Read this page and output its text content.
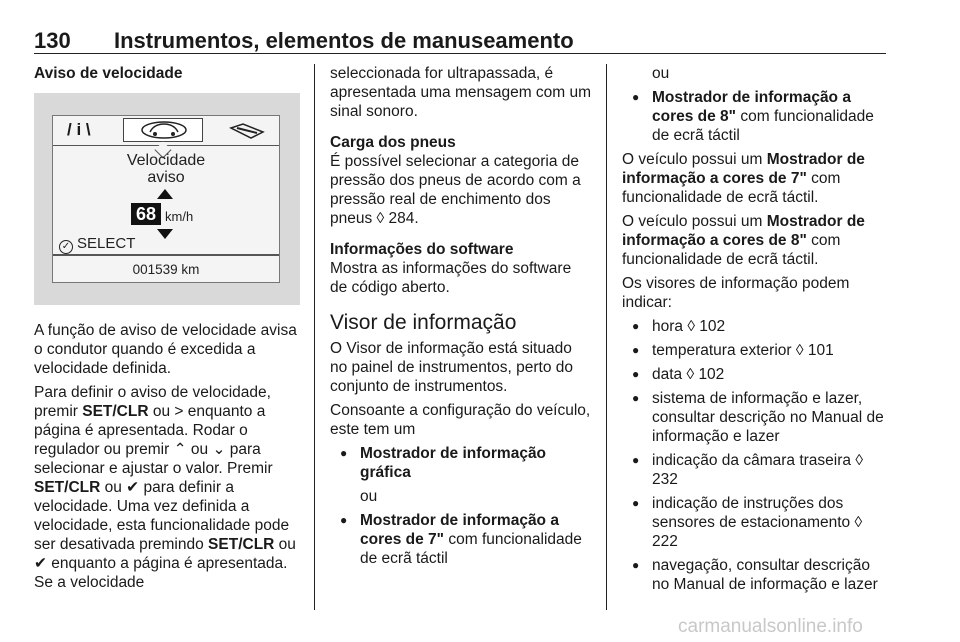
130 Instrumentos, elementos de manuseamento
Aviso de velocidade
/ i \
Velocidade
aviso
68 km/h
✓ SELECT
001539 km

A função de aviso de velocidade avisa o condutor quando é excedida a velocidade definida.

Para definir o aviso de velocidade, premir SET/CLR ou > enquanto a página é apresentada. Rodar o regulador ou premir ⌃ ou ⌄ para selecionar e ajustar o valor. Premir SET/CLR ou ✔ para definir a velocidade. Uma vez definida a velocidade, esta funcionalidade pode ser desativada premindo SET/CLR ou ✔ enquanto a página é apresentada. Se a velocidade

seleccionada for ultrapassada, é apresentada uma mensagem com um sinal sonoro.

Carga dos pneus

É possível selecionar a categoria de pressão dos pneus de acordo com a pressão real de enchimento dos pneus ◊ 284.

Informações do software

Mostra as informações do software de código aberto.

Visor de informação

O Visor de informação está situado no painel de instrumentos, perto do conjunto de instrumentos.

Consoante a configuração do veículo, este tem um

● Mostrador de informação gráfica
ou
● Mostrador de informação a cores de 7" com funcionalidade de ecrã táctil
ou
● Mostrador de informação a cores de 8" com funcionalidade de ecrã táctil

O veículo possui um Mostrador de informação a cores de 7" com funcionalidade de ecrã táctil.

O veículo possui um Mostrador de informação a cores de 8" com funcionalidade de ecrã táctil.

Os visores de informação podem indicar:

● hora ◊ 102
● temperatura exterior ◊ 101
● data ◊ 102
● sistema de informação e lazer, consultar descrição no Manual de informação e lazer
● indicação da câmara traseira ◊ 232
● indicação de instruções dos sensores de estacionamento ◊ 222
● navegação, consultar descrição no Manual de informação e lazer
carmanualsonline.info
